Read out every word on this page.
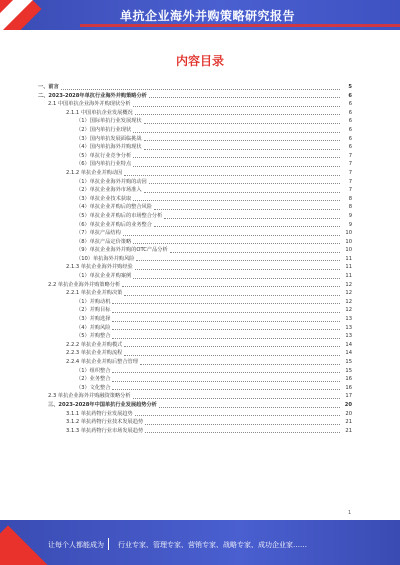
单抗企业海外并购策略研究报告
内容目录
一、前言	5
二、2023-2028年单抗行业海外并购策略分析	6
2.1 中国单抗企业海外并购现状分析	6
2.1.1 中国单抗企业发展概况	6
（1）国际单抗行业发展现状	6
（2）国内单抗行业现状	6
（3）国内单抗发展面临挑战	6
（4）国内单抗海外并购现状	6
（5）单抗行业竞争分析	7
（6）国内单抗行业特点	7
2.1.2 单抗企业并购动因	7
（1）单抗企业海外并购的动因	7
（2）单抗企业海外市场准入	7
（3）单抗企业技术获取	8
（4）单抗企业并购后的整合风险	8
（5）单抗企业并购后的市场整合分析	9
（6）单抗企业并购后的业务整合	9
（7）单抗产品结构	10
（8）单抗产品定价策略	10
（9）单抗企业海外并购的OTC产品分析	10
（10）单抗海外并购风险	11
2.1.3 单抗企业海外并购经验	11
（1）单抗企业并购案例	11
2.2 单抗企业海外并购策略分析	12
2.2.1 单抗企业并购决策	12
（1）并购动机	12
（2）并购目标	12
（3）并购选择	13
（4）并购风险	13
（5）并购整合	13
2.2.2 单抗企业并购模式	14
2.2.3 单抗企业并购流程	14
2.2.4 单抗企业并购后整合管理	15
（1）组织整合	15
（2）业务整合	16
（3）文化整合	16
2.3 单抗企业海外并购融资策略分析	17
三、2023-2028年中国单抗行业发展趋势分析	20
3.1.1 单抗药物行业发展趋势	20
3.1.2 单抗药物行业技术发展趋势	21
3.1.3 单抗药物行业市场发展趋势	21
1
让每个人都能成为 行业专家、管理专家、营销专家、战略专家、成功企业家……
